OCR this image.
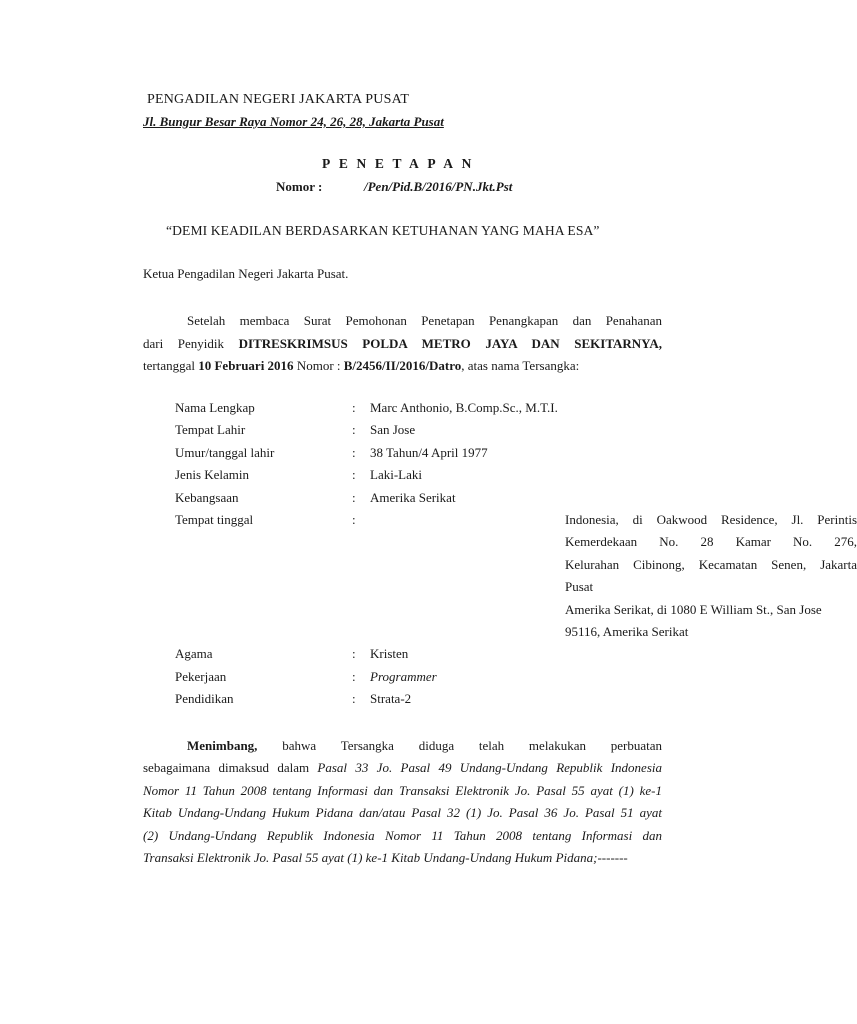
PENGADILAN NEGERI JAKARTA PUSAT
Jl. Bungur Besar Raya Nomor 24, 26, 28, Jakarta Pusat
PENETAPAN
Nomor :	/Pen/Pid.B/2016/PN.Jkt.Pst
“DEMI KEADILAN BERDASARKAN KETUHANAN YANG MAHA ESA”
Ketua Pengadilan Negeri Jakarta Pusat.
Setelah membaca Surat Pemohonan Penetapan Penangkapan dan Penahanan
dari Penyidik DITRESKRIMSUS POLDA METRO JAYA DAN SEKITARNYA,
tertanggal 10 Februari 2016 Nomor : B/2456/II/2016/Datro, atas nama Tersangka:
Nama Lengkap	: Marc Anthonio, B.Comp.Sc., M.T.I.
Tempat Lahir	: San Jose
Umur/tanggal lahir	: 38 Tahun/4 April 1977
Jenis Kelamin	: Laki-Laki
Kebangsaan	: Amerika Serikat
Tempat tinggal	:	Indonesia, di Oakwood Residence, Jl. Perintis
Kemerdekaan No. 28 Kamar No. 276,
Kelurahan Cibinong, Kecamatan Senen, Jakarta
Pusat
Amerika Serikat, di 1080 E William St., San Jose
95116, Amerika Serikat
Agama	: Kristen
Pekerjaan	: Programmer
Pendidikan	: Strata-2
Menimbang, bahwa Tersangka diduga telah melakukan perbuatan
sebagaimana dimaksud dalam Pasal 33 Jo. Pasal 49 Undang-Undang Republik Indonesia
Nomor 11 Tahun 2008 tentang Informasi dan Transaksi Elektronik Jo. Pasal 55 ayat (1) ke-1
Kitab Undang-Undang Hukum Pidana dan/atau Pasal 32 (1) Jo. Pasal 36 Jo. Pasal 51 ayat
(2) Undang-Undang Republik Indonesia Nomor 11 Tahun 2008 tentang Informasi dan
Transaksi Elektronik Jo. Pasal 55 ayat (1) ke-1 Kitab Undang-Undang Hukum Pidana;-------
